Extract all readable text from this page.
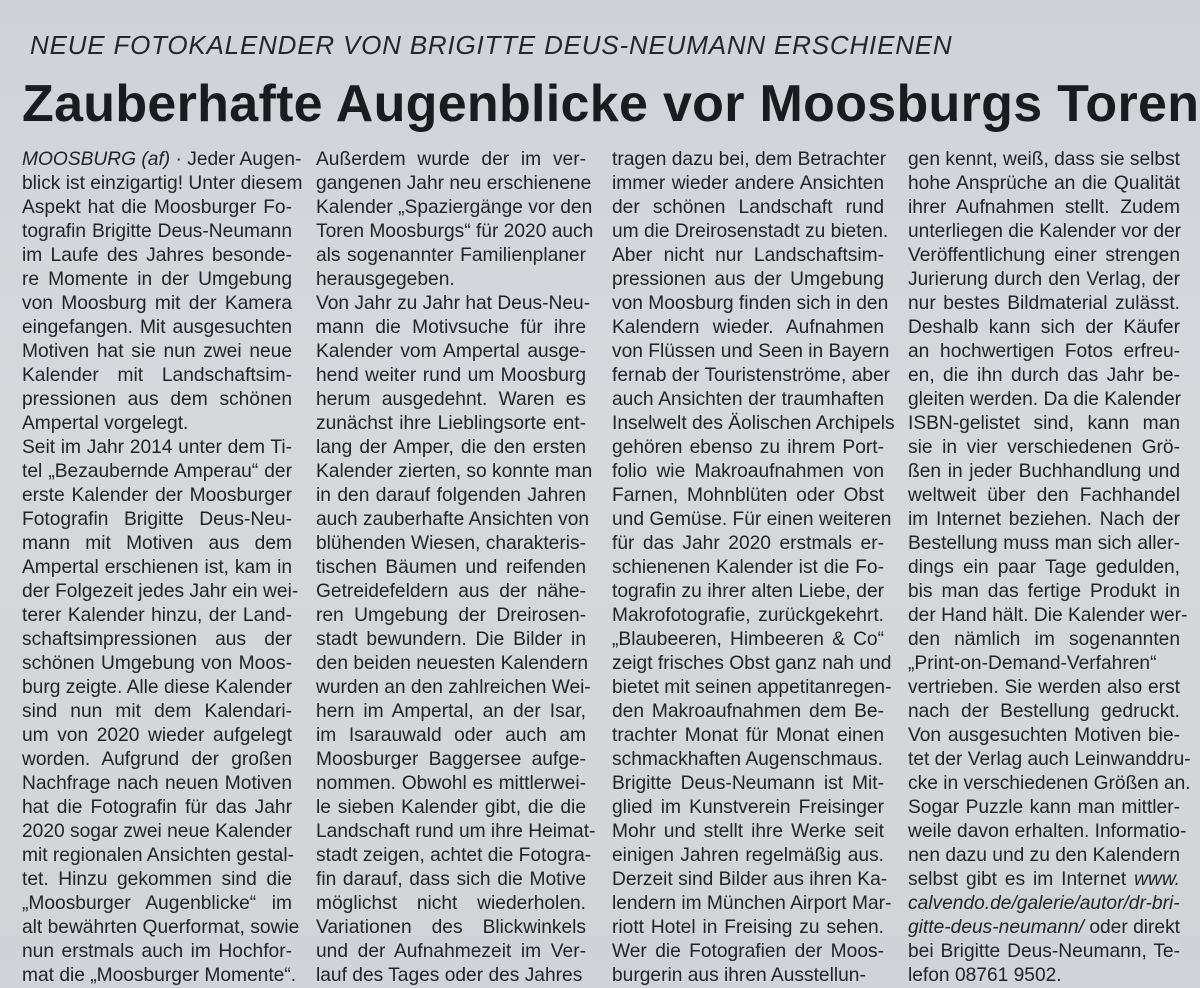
NEUE FOTOKALENDER VON BRIGITTE DEUS-NEUMANN ERSCHIENEN
Zauberhafte Augenblicke vor Moosburgs Toren
MOOSBURG (af) · Jeder Augen-
blick ist einzigartig! Unter diesem
Aspekt hat die Moosburger Fo-
tografin Brigitte Deus-Neumann
im Laufe des Jahres besonde-
re Momente in der Umgebung
von Moosburg mit der Kamera
eingefangen. Mit ausgesuchten
Motiven hat sie nun zwei neue
Kalender mit Landschaftsim-
pressionen aus dem schönen
Ampertal vorgelegt.
Seit im Jahr 2014 unter dem Ti-
tel „Bezaubernde Amperau“ der
erste Kalender der Moosburger
Fotografin Brigitte Deus-Neu-
mann mit Motiven aus dem
Ampertal erschienen ist, kam in
der Folgezeit jedes Jahr ein wei-
terer Kalender hinzu, der Land-
schaftsimpressionen aus der
schönen Umgebung von Moos-
burg zeigte. Alle diese Kalender
sind nun mit dem Kalendari-
um von 2020 wieder aufgelegt
worden. Aufgrund der großen
Nachfrage nach neuen Motiven
hat die Fotografin für das Jahr
2020 sogar zwei neue Kalender
mit regionalen Ansichten gestal-
tet. Hinzu gekommen sind die
„Moosburger Augenblicke“ im
alt bewährten Querformat, sowie
nun erstmals auch im Hochfor-
mat die „Moosburger Momente“.
Außerdem wurde der im ver-
gangenen Jahr neu erschienene
Kalender „Spaziergänge vor den
Toren Moosburgs“ für 2020 auch
als sogenannter Familienplaner
herausgegeben.
Von Jahr zu Jahr hat Deus-Neu-
mann die Motivsuche für ihre
Kalender vom Ampertal ausge-
hend weiter rund um Moosburg
herum ausgedehnt. Waren es
zunächst ihre Lieblingsorte ent-
lang der Amper, die den ersten
Kalender zierten, so konnte man
in den darauf folgenden Jahren
auch zauberhafte Ansichten von
blühenden Wiesen, charakteris-
tischen Bäumen und reifenden
Getreidefeldern aus der nähe-
ren Umgebung der Dreirosen-
stadt bewundern. Die Bilder in
den beiden neuesten Kalendern
wurden an den zahlreichen Wei-
hern im Ampertal, an der Isar,
im Isarauwald oder auch am
Moosburger Baggersee aufge-
nommen. Obwohl es mittlerwei-
le sieben Kalender gibt, die die
Landschaft rund um ihre Heimat-
stadt zeigen, achtet die Fotogra-
fin darauf, dass sich die Motive
möglichst nicht wiederholen.
Variationen des Blickwinkels
und der Aufnahmezeit im Ver-
lauf des Tages oder des Jahres
tragen dazu bei, dem Betrachter
immer wieder andere Ansichten
der schönen Landschaft rund
um die Dreirosenstadt zu bieten.
Aber nicht nur Landschaftsim-
pressionen aus der Umgebung
von Moosburg finden sich in den
Kalendern wieder. Aufnahmen
von Flüssen und Seen in Bayern
fernab der Touristenströme, aber
auch Ansichten der traumhaften
Inselwelt des Äolischen Archipels
gehören ebenso zu ihrem Port-
folio wie Makroaufnahmen von
Farnen, Mohnblüten oder Obst
und Gemüse. Für einen weiteren
für das Jahr 2020 erstmals er-
schienenen Kalender ist die Fo-
tografin zu ihrer alten Liebe, der
Makrofotografie, zurückgekehrt.
„Blaubeeren, Himbeeren & Co“
zeigt frisches Obst ganz nah und
bietet mit seinen appetitanregen-
den Makroaufnahmen dem Be-
trachter Monat für Monat einen
schmackhaften Augenschmaus.
Brigitte Deus-Neumann ist Mit-
glied im Kunstverein Freisinger
Mohr und stellt ihre Werke seit
einigen Jahren regelmäßig aus.
Derzeit sind Bilder aus ihren Ka-
lendern im München Airport Mar-
riott Hotel in Freising zu sehen.
Wer die Fotografien der Moos-
burgerin aus ihren Ausstellun-
gen kennt, weiß, dass sie selbst
hohe Ansprüche an die Qualität
ihrer Aufnahmen stellt. Zudem
unterliegen die Kalender vor der
Veröffentlichung einer strengen
Jurierung durch den Verlag, der
nur bestes Bildmaterial zulässt.
Deshalb kann sich der Käufer
an hochwertigen Fotos erfreu-
en, die ihn durch das Jahr be-
gleiten werden. Da die Kalender
ISBN-gelistet sind, kann man
sie in vier verschiedenen Grö-
ßen in jeder Buchhandlung und
weltweit über den Fachhandel
im Internet beziehen. Nach der
Bestellung muss man sich aller-
dings ein paar Tage gedulden,
bis man das fertige Produkt in
der Hand hält. Die Kalender wer-
den nämlich im sogenannten
„Print-on-Demand-Verfahren“
vertrieben. Sie werden also erst
nach der Bestellung gedruckt.
Von ausgesuchten Motiven bie-
tet der Verlag auch Leinwanddru-
cke in verschiedenen Größen an.
Sogar Puzzle kann man mittler-
weile davon erhalten. Informatio-
nen dazu und zu den Kalendern
selbst gibt es im Internet www.
calvendo.de/galerie/autor/dr-bri-
gitte-deus-neumann/ oder direkt
bei Brigitte Deus-Neumann, Te-
lefon 08761 9502.
